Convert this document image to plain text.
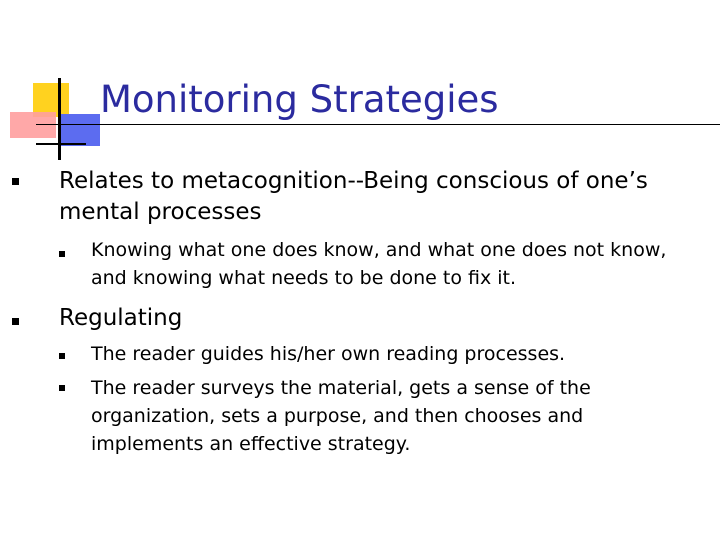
Monitoring Strategies
Relates to metacognition--Being conscious of one’s mental processes
Knowing what one does know, and what one does not know, and knowing what needs to be done to fix it.
Regulating
The reader guides his/her own reading processes.
The reader surveys the material, gets a sense of the organization, sets a purpose, and then chooses and implements an effective strategy.
